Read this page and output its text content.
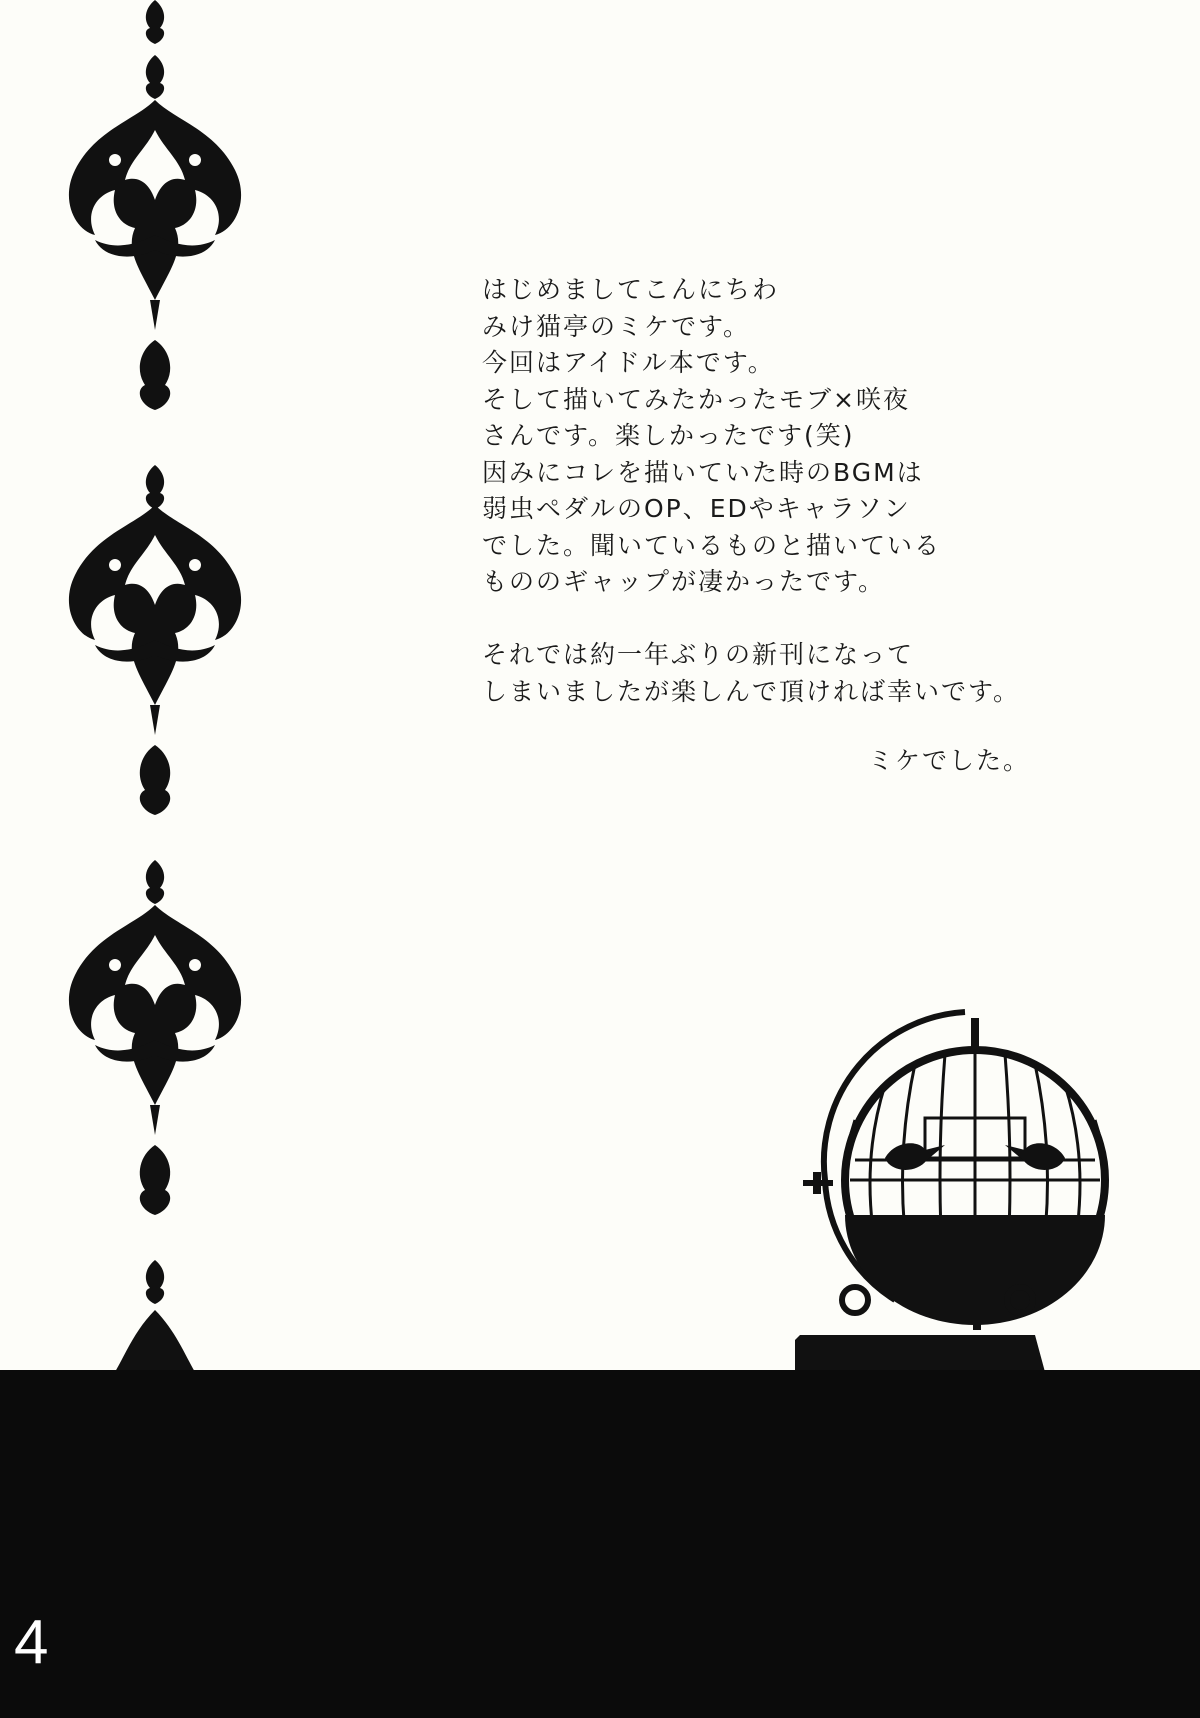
はじめましてこんにちわ
みけ猫亭のミケです。
今回はアイドル本です。
そして描いてみたかったモブ×咲夜
さんです。楽しかったです(笑)
因みにコレを描いていた時のBGMは
弱虫ペダルのOP、EDやキャラソン
でした。聞いているものと描いている
もののギャップが凄かったです。
それでは約一年ぶりの新刊になって
しまいましたが楽しんで頂ければ幸いです。
ミケでした。
4
